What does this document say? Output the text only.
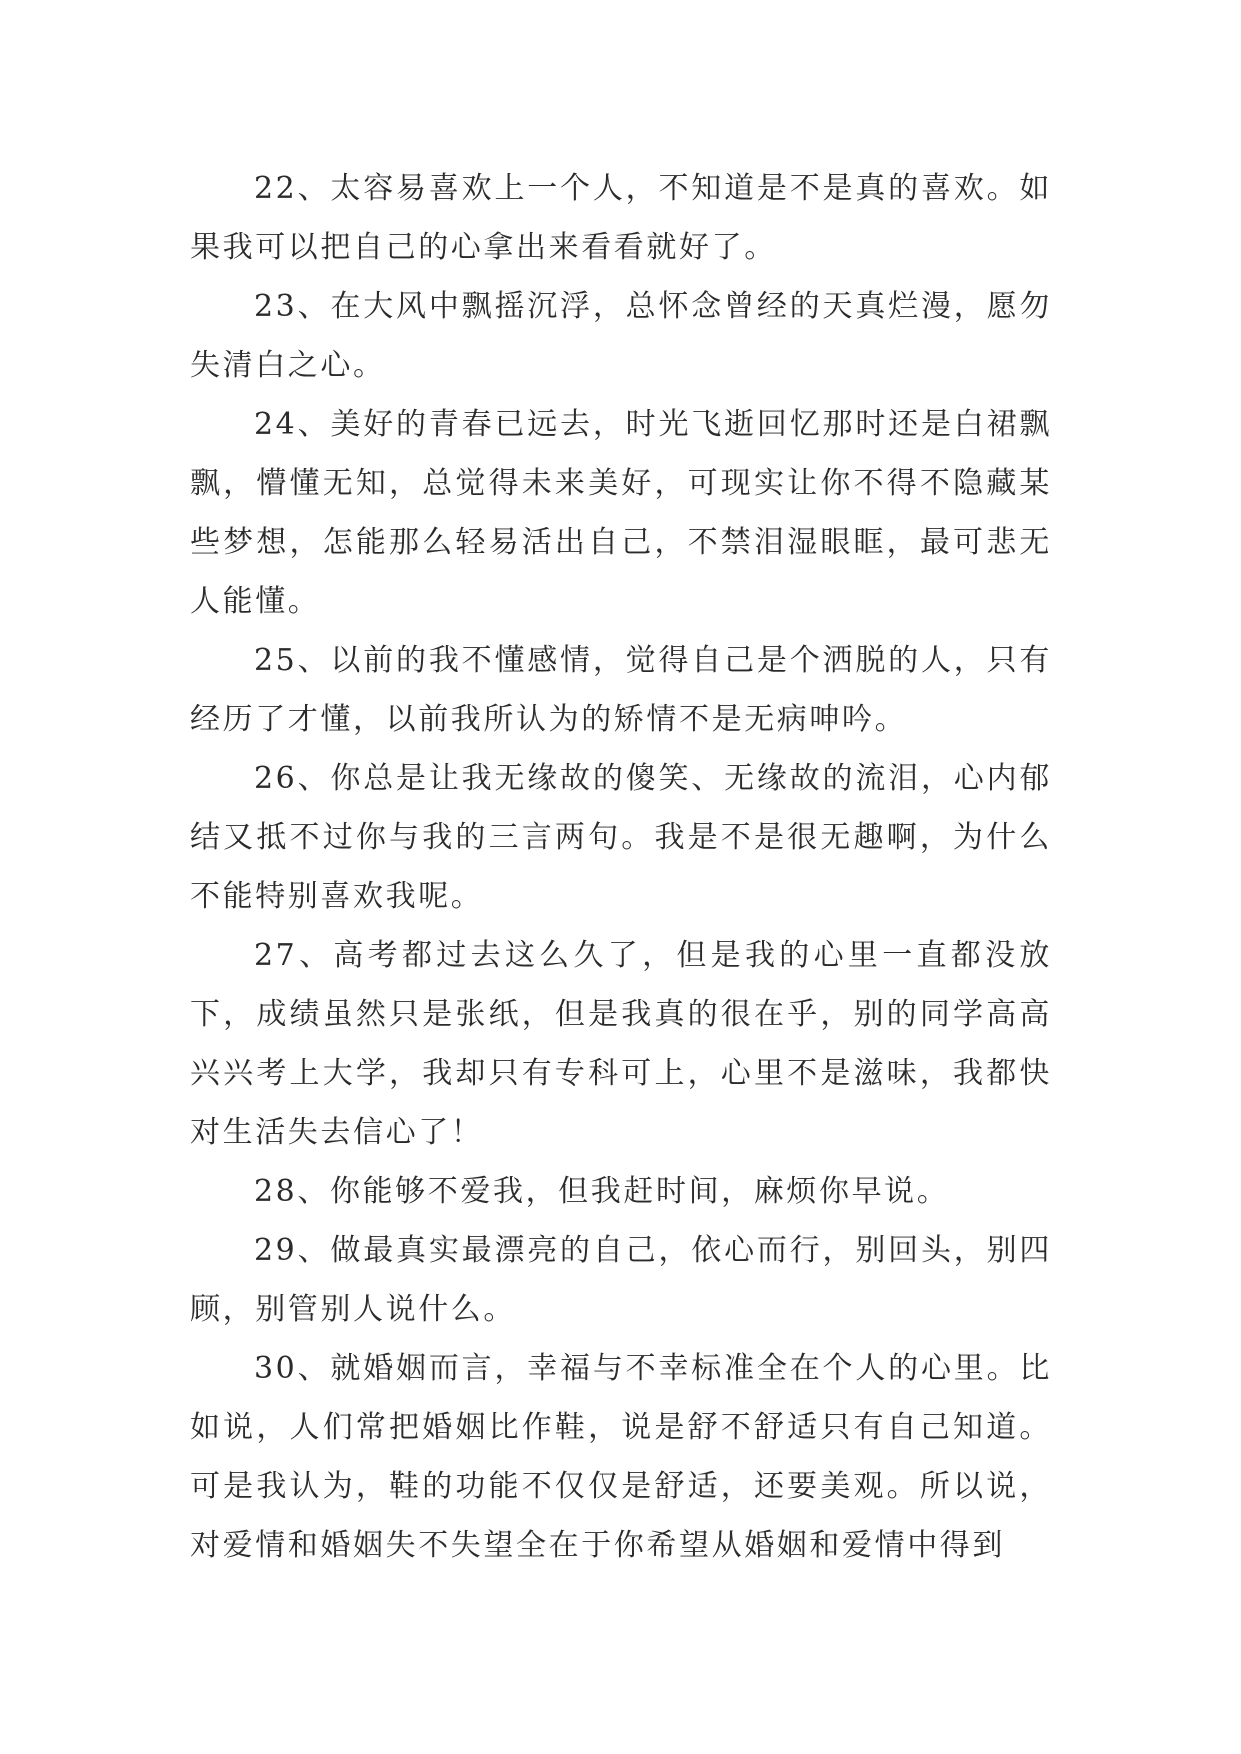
22、太容易喜欢上一个人，不知道是不是真的喜欢。如果我可以把自己的心拿出来看看就好了。

23、在大风中飘摇沉浮，总怀念曾经的天真烂漫，愿勿失清白之心。

24、美好的青春已远去，时光飞逝回忆那时还是白裙飘飘，懵懂无知，总觉得未来美好，可现实让你不得不隐藏某些梦想，怎能那么轻易活出自己，不禁泪湿眼眶，最可悲无人能懂。

25、以前的我不懂感情，觉得自己是个洒脱的人，只有经历了才懂，以前我所认为的矫情不是无病呻吟。

26、你总是让我无缘故的傻笑、无缘故的流泪，心内郁结又抵不过你与我的三言两句。我是不是很无趣啊，为什么不能特别喜欢我呢。

27、高考都过去这么久了，但是我的心里一直都没放下，成绩虽然只是张纸，但是我真的很在乎，别的同学高高兴兴考上大学，我却只有专科可上，心里不是滋味，我都快对生活失去信心了！

28、你能够不爱我，但我赶时间，麻烦你早说。

29、做最真实最漂亮的自己，依心而行，别回头，别四顾，别管别人说什么。

30、就婚姻而言，幸福与不幸标准全在个人的心里。比如说，人们常把婚姻比作鞋，说是舒不舒适只有自己知道。可是我认为，鞋的功能不仅仅是舒适，还要美观。所以说，对爱情和婚姻失不失望全在于你希望从婚姻和爱情中得到
